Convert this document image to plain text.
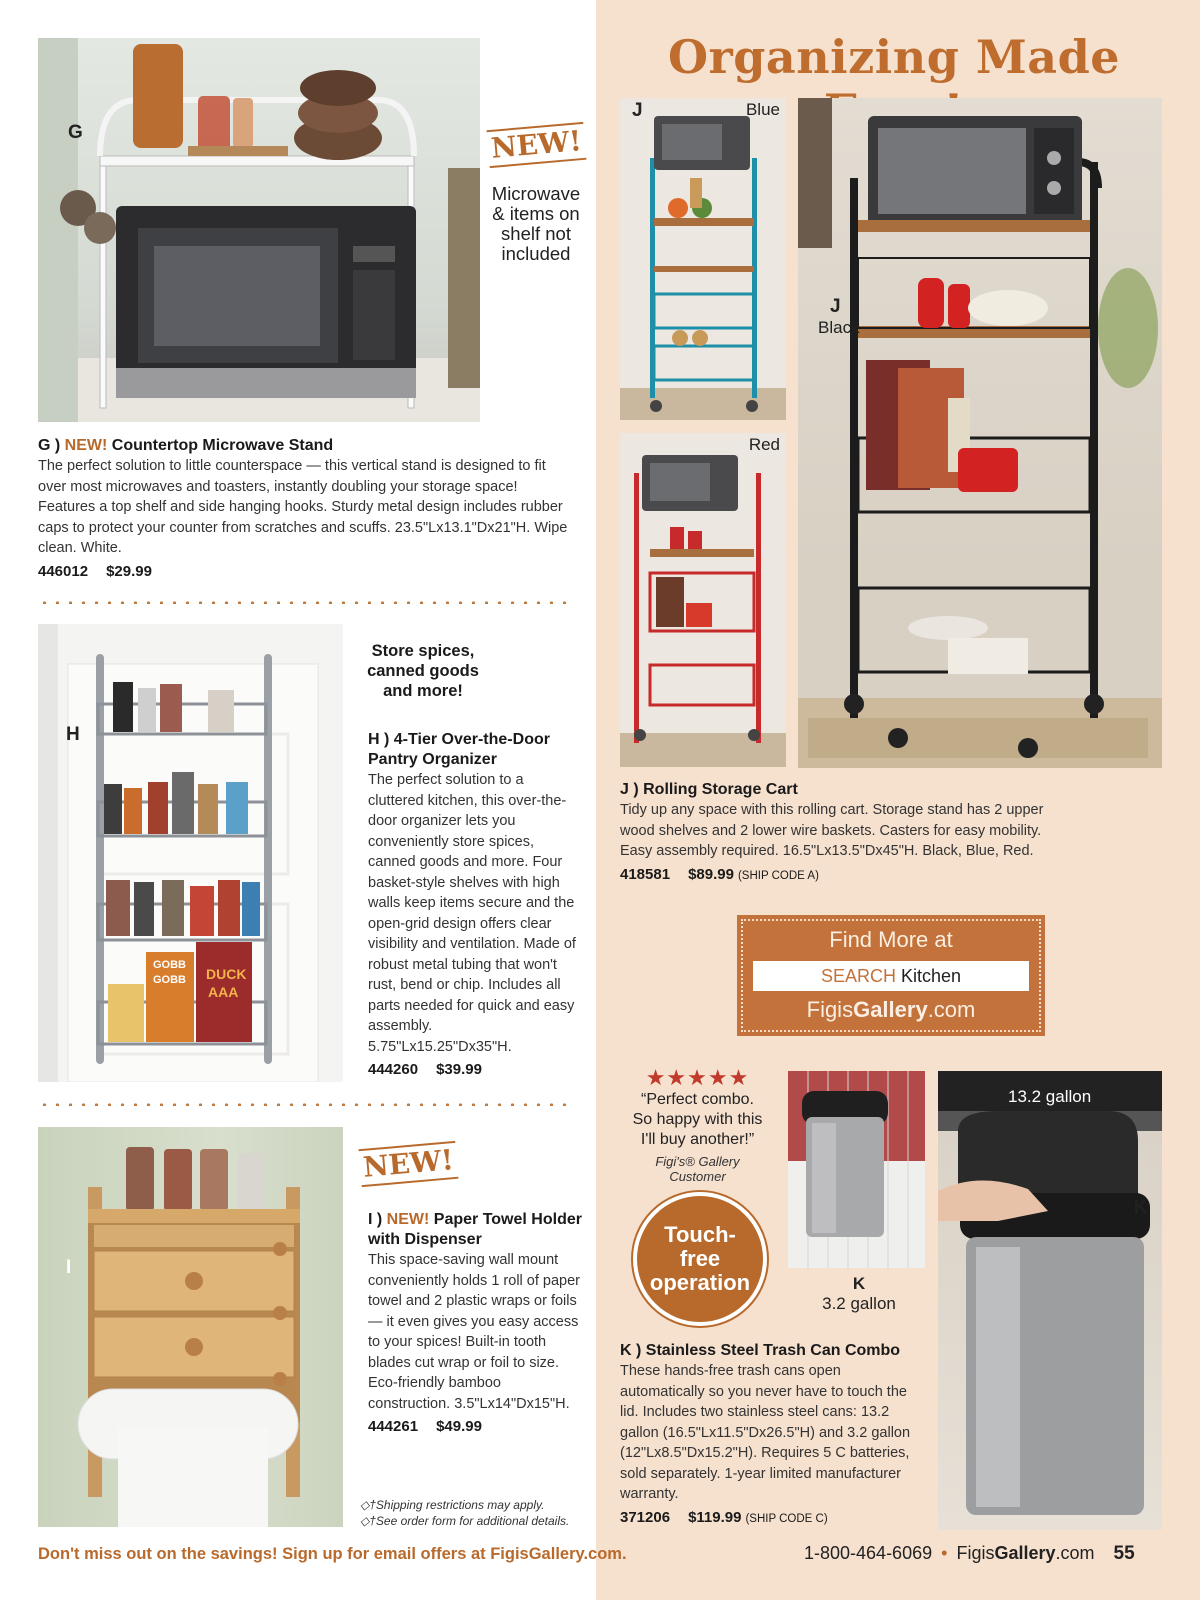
G	NEW!
Microwave & items on shelf not included
G ) NEW! Countertop Microwave Stand
The perfect solution to little counterspace — this vertical stand is designed to fit over most microwaves and toasters, instantly doubling your storage space! Features a top shelf and side hanging hooks. Sturdy metal design includes rubber caps to protect your counter from scratches and scuffs. 23.5"Lx13.1"Dx21"H. Wipe clean. White.
446012 $29.99
GOBB
GOBB DUCK
AAA
H
Store spices, canned goods and more!
H ) 4-Tier Over-the-Door Pantry Organizer
The perfect solution to a cluttered kitchen, this over-the-door organizer lets you conveniently store spices, canned goods and more. Four basket-style shelves with high walls keep items secure and the open-grid design offers clear visibility and ventilation. Made of robust metal tubing that won't rust, bend or chip. Includes all parts needed for quick and easy assembly. 5.75"Lx15.25"Dx35"H.
444260 $39.99
I
NEW!
I ) NEW! Paper Towel Holder with Dispenser
This space-saving wall mount conveniently holds 1 roll of paper towel and 2 plastic wraps or foils — it even gives you easy access to your spices! Built-in tooth blades cut wrap or foil to size. Eco-friendly bamboo construction. 3.5"Lx14"Dx15"H.
444261 $49.99
◇†Shipping restrictions may apply.
◇†See order form for additional details.
Organizing Made
J	Blue
Red
J
Black
J ) Rolling Storage Cart
Tidy up any space with this rolling cart. Storage stand has 2 upper wood shelves and 2 lower wire baskets. Casters for easy mobility. Easy assembly required. 16.5"Lx13.5"Dx45"H. Black, Blue, Red.
418581 $89.99 (SHIP CODE A)
Find More at
SEARCH Kitchen
FigisGallery.com
★★★★★
“Perfect combo. So happy with this I'll buy another!”
Figi's® Gallery Customer
Touch-free operation	K
3.2 gallon
13.2 gallon
K
K ) Stainless Steel Trash Can Combo
These hands-free trash cans open automatically so you never have to touch the lid. Includes two stainless steel cans: 13.2 gallon (16.5"Lx11.5"Dx26.5"H) and 3.2 gallon (12"Lx8.5"Dx15.2"H). Requires 5 C batteries, sold separately. 1-year limited manufacturer warranty.
371206 $119.99 (SHIP CODE C)
Don't miss out on the savings! Sign up for email offers at FigisGallery.com.	1-800-464-6069 • FigisGallery.com 55
